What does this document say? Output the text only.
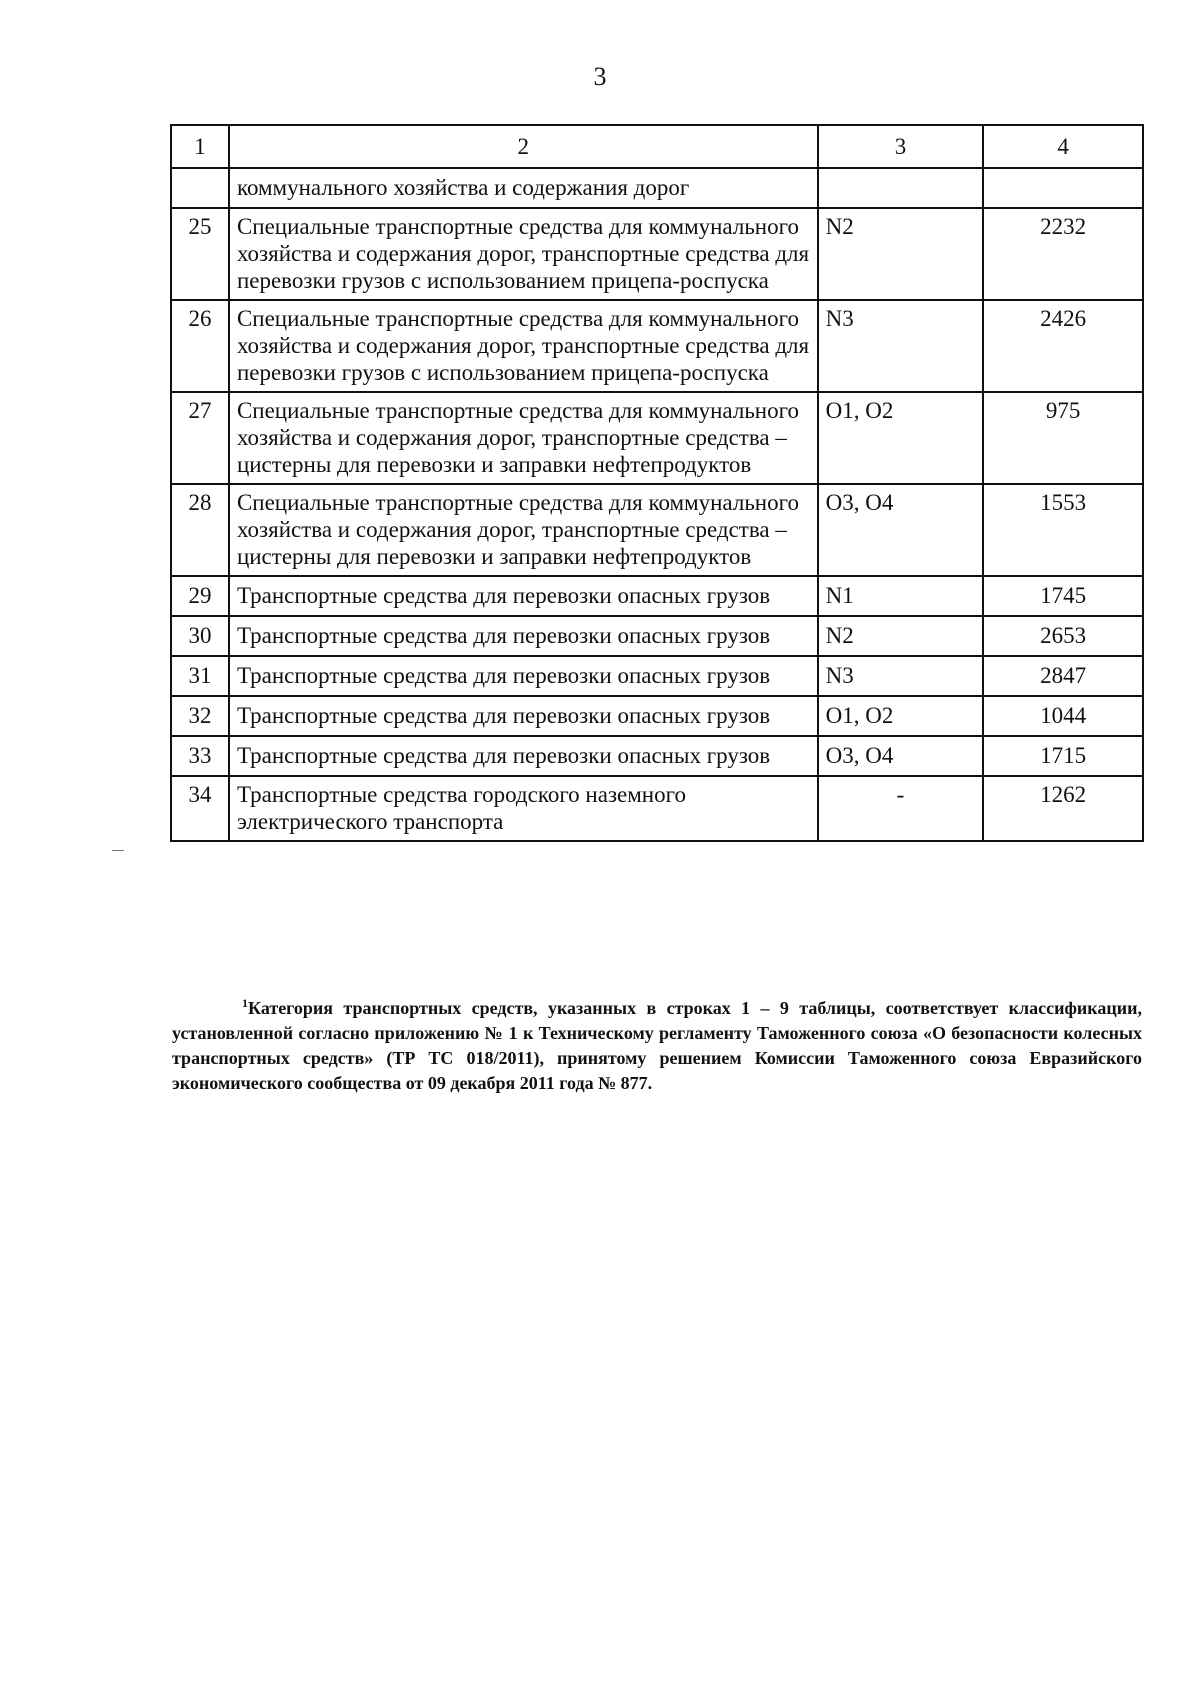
3
1	2	3	4
	коммунального хозяйства и содержания дорог		
25	Специальные транспортные средства для коммунального хозяйства и содержания дорог, транспортные средства для перевозки грузов с использованием прицепа-роспуска	N2	2232
26	Специальные транспортные средства для коммунального хозяйства и содержания дорог, транспортные средства для перевозки грузов с использованием прицепа-роспуска	N3	2426
27	Специальные транспортные средства для коммунального хозяйства и содержания дорог, транспортные средства – цистерны для перевозки и заправки нефтепродуктов	O1, O2	975
28	Специальные транспортные средства для коммунального хозяйства и содержания дорог, транспортные средства – цистерны для перевозки и заправки нефтепродуктов	O3, O4	1553
29	Транспортные средства для перевозки опасных грузов	N1	1745
30	Транспортные средства для перевозки опасных грузов	N2	2653
31	Транспортные средства для перевозки опасных грузов	N3	2847
32	Транспортные средства для перевозки опасных грузов	O1, O2	1044
33	Транспортные средства для перевозки опасных грузов	O3, O4	1715
34	Транспортные средства городского наземного электрического транспорта	-	1262
$^1$Категория транспортных средств, указанных в строках 1 – 9 таблицы, соответствует классификации, установленной согласно приложению № 1 к Техническому регламенту Таможенного союза «О безопасности колесных транспортных средств» (ТР ТС 018/2011), принятому решением Комиссии Таможенного союза Евразийского экономического сообщества от 09 декабря 2011 года № 877.
